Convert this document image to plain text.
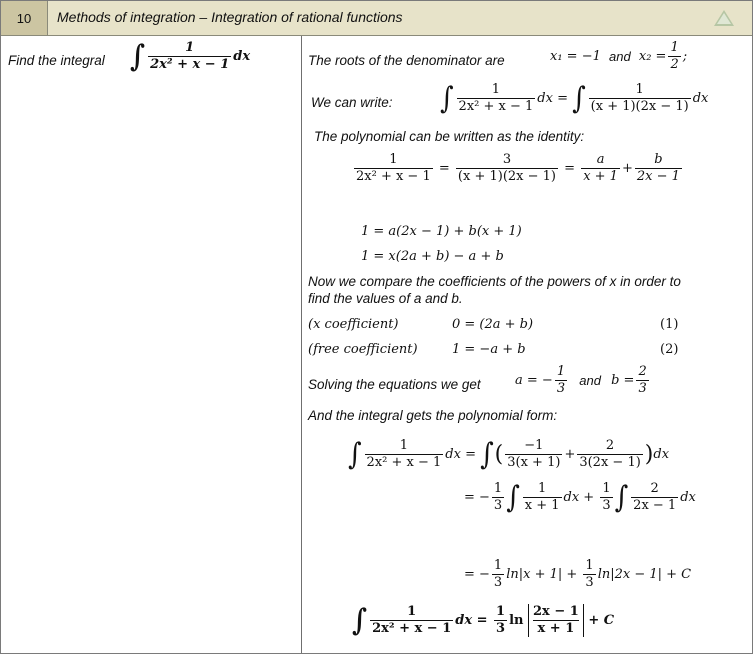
10	Methods of integration – Integration of rational functions
Find the integral ∫ $\frac{1}{\text{2x² + x − 1}}$ dx	The roots of the denominator are	x₁ = −1 and $x_2 = \frac{1}{2}$ ;
We can write: ∫ $\frac{1}{\text{2x² + x − 1}}$ dx = ∫ $\frac{1}{(x + 1)(2x - 1)}$ dx
The polynomial can be written as the identity:
$\frac{1}{\text{2x² + x − 1}} = \frac{3}{(x + 1)(2x - 1)} = \frac{a}{x + 1} + \frac{b}{2x - 1}$
1 = a(2x − 1) + b(x + 1)
1 = x(2a + b) − a + b
Now we compare the coefficients of the powers of x in order to
find the values of a and b.
(x coefficient)	0 = (2a + b)	(1)
(free coefficient)	1 = −a + b	(2)
Solving the equations we get	a = − $\frac{1}{3}$ and $b = \frac{2}{3}$
And the integral gets the polynomial form:
∫ $\frac{1}{\text{2x² + x − 1}}$ dx = ∫( $\frac{-1}{3(x + 1)} + \frac{2}{3(2x - 1)} )dx$
= − $\frac{1}{3}$ ∫ $\frac{1}{x + 1}$ dx + $\frac{1}{3}$ ∫ $\frac{2}{2x - 1}$ dx
= − $\frac{1}{3} \ln|x + 1| + \frac{1}{3} \ln|2x - 1| + C$
∫ $\frac{1}{\text{2x² + x − 1}}$ dx = $\frac{1}{3}$ $\ln \frac{2x - 1}{x + 1} + C$
